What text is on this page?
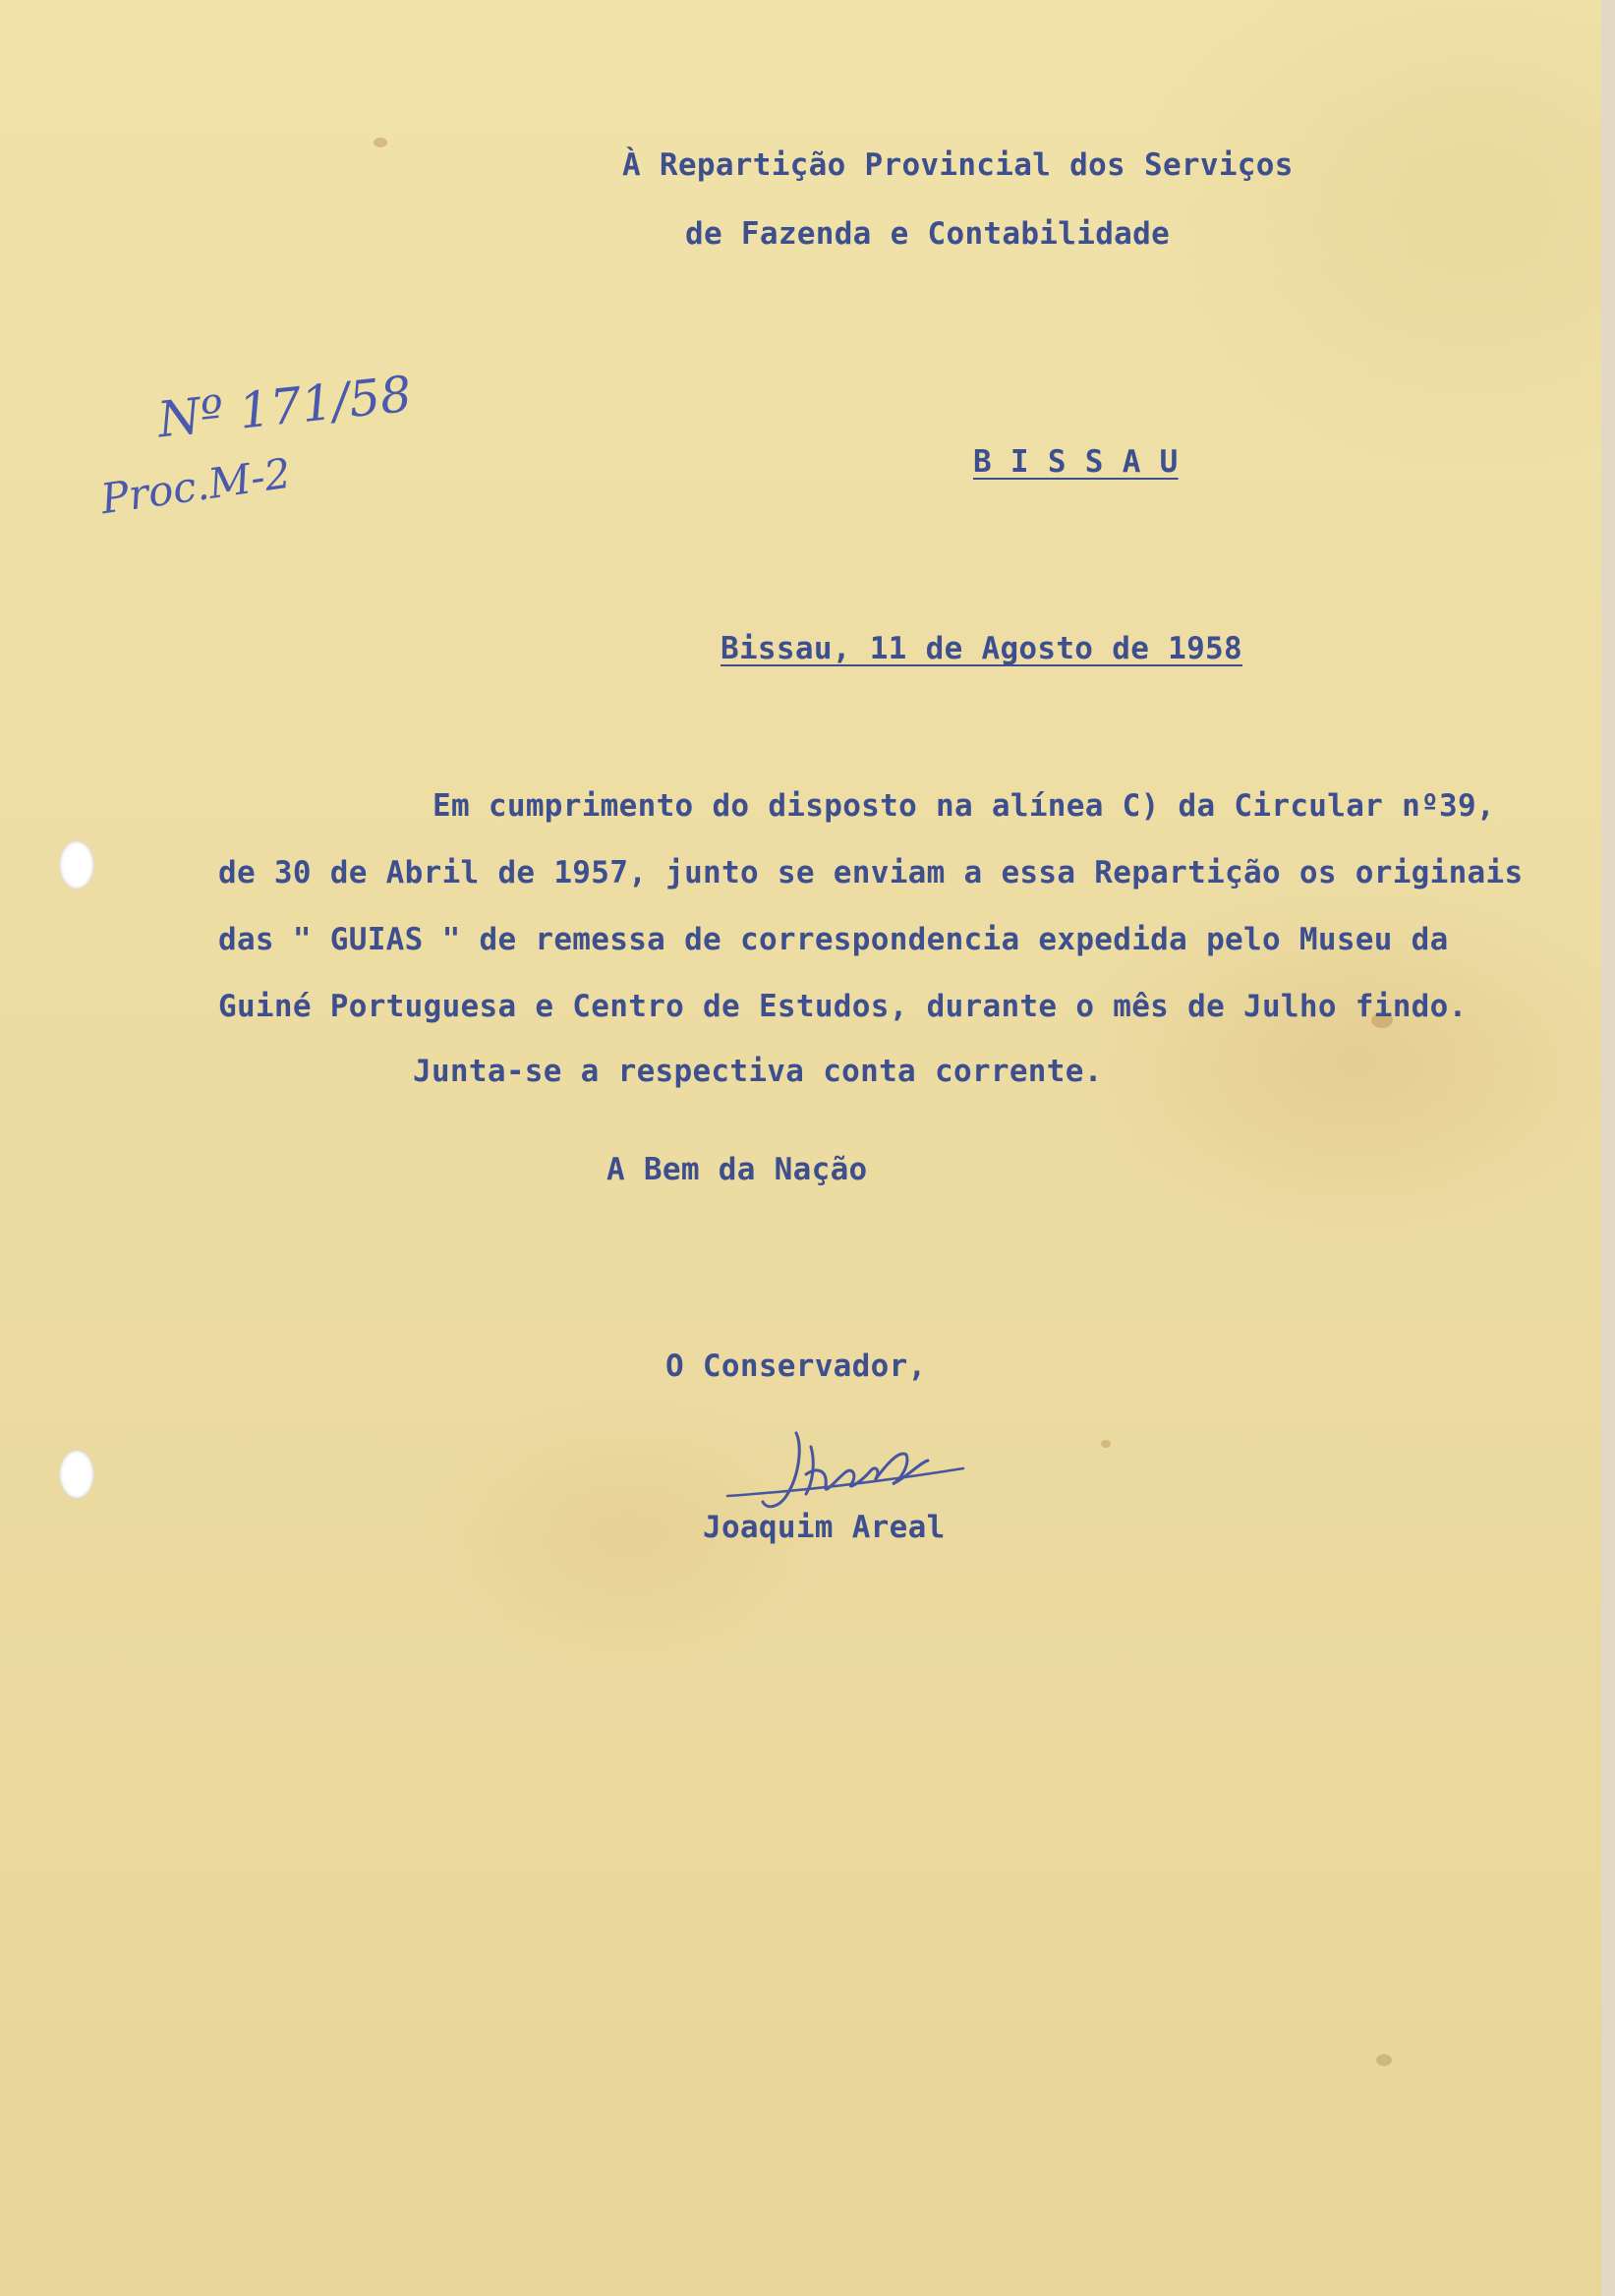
À Repartição Provincial dos Serviços

de Fazenda e Contabilidade

Nº 171/58

Proc.M-2	B I S S A U

Bissau, 11 de Agosto de 1958

Em cumprimento do disposto na alínea C) da Circular nº39,

de 30 de Abril de 1957, junto se enviam a essa Repartição os originais

das " GUIAS " de remessa de correspondencia expedida pelo Museu da

Guiné Portuguesa e Centro de Estudos, durante o mês de Julho findo.

Junta-se a respectiva conta corrente.

A Bem da Nação

O Conservador,

Joaquim Areal
